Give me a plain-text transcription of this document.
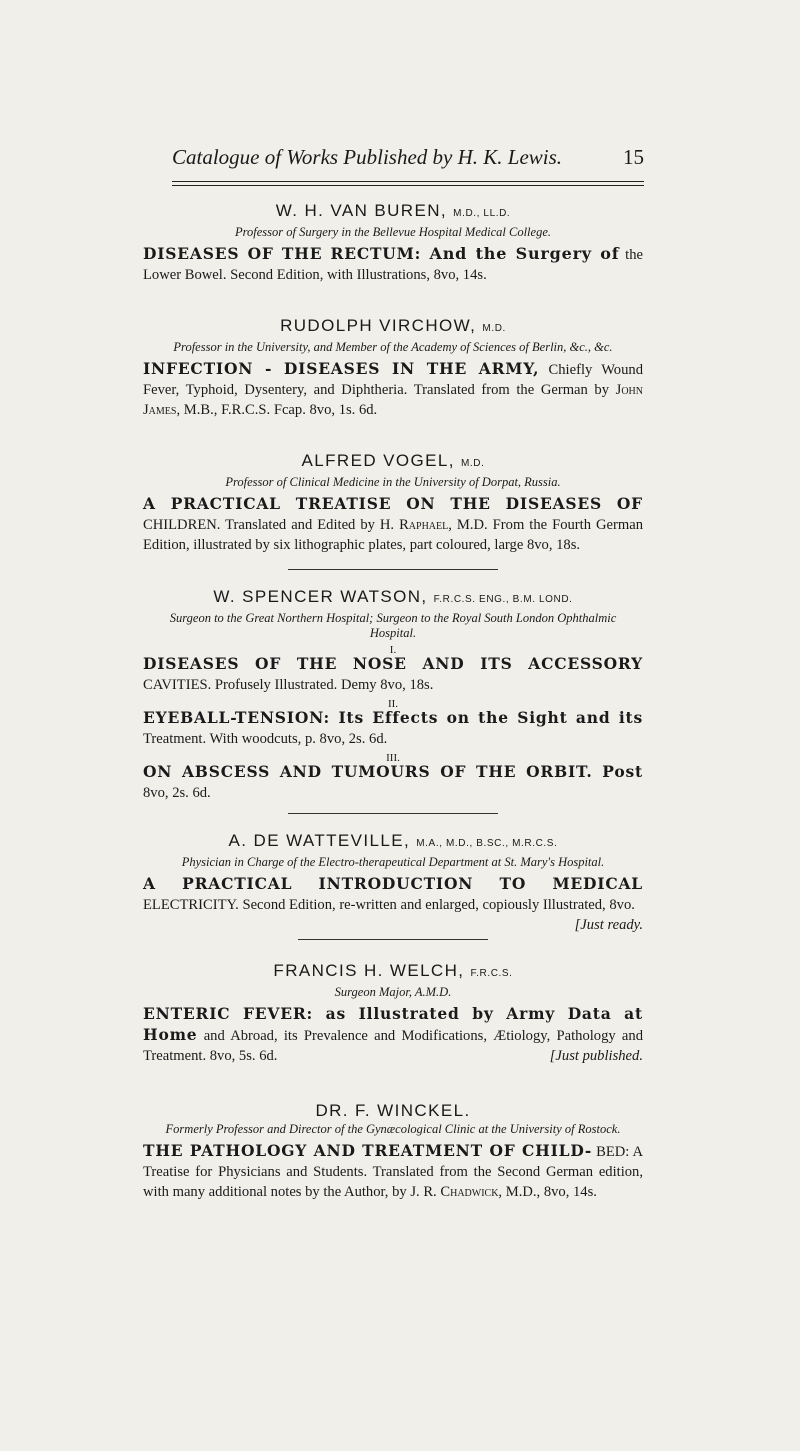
Catalogue of Works Published by H. K. Lewis.	15

W. H. VAN BUREN, M.D., LL.D.

Professor of Surgery in the Bellevue Hospital Medical College.

DISEASES OF THE RECTUM: And the Surgery of the Lower Bowel. Second Edition, with Illustrations, 8vo, 14s.

RUDOLPH VIRCHOW, M.D.

Professor in the University, and Member of the Academy of Sciences of Berlin, &c., &c.

INFECTION - DISEASES IN THE ARMY, Chiefly Wound Fever, Typhoid, Dysentery, and Diphtheria. Translated from the German by John James, M.B., F.R.C.S. Fcap. 8vo, 1s. 6d.

ALFRED VOGEL, M.D.

Professor of Clinical Medicine in the University of Dorpat, Russia.

A PRACTICAL TREATISE ON THE DISEASES OF CHILDREN. Translated and Edited by H. Raphael, M.D. From the Fourth German Edition, illustrated by six lithographic plates, part coloured, large 8vo, 18s.

W. SPENCER WATSON, F.R.C.S. ENG., B.M. LOND.

Surgeon to the Great Northern Hospital; Surgeon to the Royal South London Ophthalmic Hospital.

I.

DISEASES OF THE NOSE AND ITS ACCESSORY CAVITIES. Profusely Illustrated. Demy 8vo, 18s.

II.

EYEBALL-TENSION: Its Effects on the Sight and its Treatment. With woodcuts, p. 8vo, 2s. 6d.

III.

ON ABSCESS AND TUMOURS OF THE ORBIT. Post 8vo, 2s. 6d.

A. DE WATTEVILLE, M.A., M.D., B.SC., M.R.C.S.

Physician in Charge of the Electro-therapeutical Department at St. Mary's Hospital.

A PRACTICAL INTRODUCTION TO MEDICAL ELECTRICITY. Second Edition, re-written and enlarged, copiously Illustrated, 8vo.
[Just ready.

FRANCIS H. WELCH, F.R.C.S.

Surgeon Major, A.M.D.

ENTERIC FEVER: as Illustrated by Army Data at Home and Abroad, its Prevalence and Modifications, Ætiology, Pathology and Treatment. 8vo, 5s. 6d.	[Just published.

DR. F. WINCKEL.

Formerly Professor and Director of the Gynæcological Clinic at the University of Rostock.

THE PATHOLOGY AND TREATMENT OF CHILD- BED: A Treatise for Physicians and Students. Translated from the Second German edition, with many additional notes by the Author, by J. R. Chadwick, M.D., 8vo, 14s.
